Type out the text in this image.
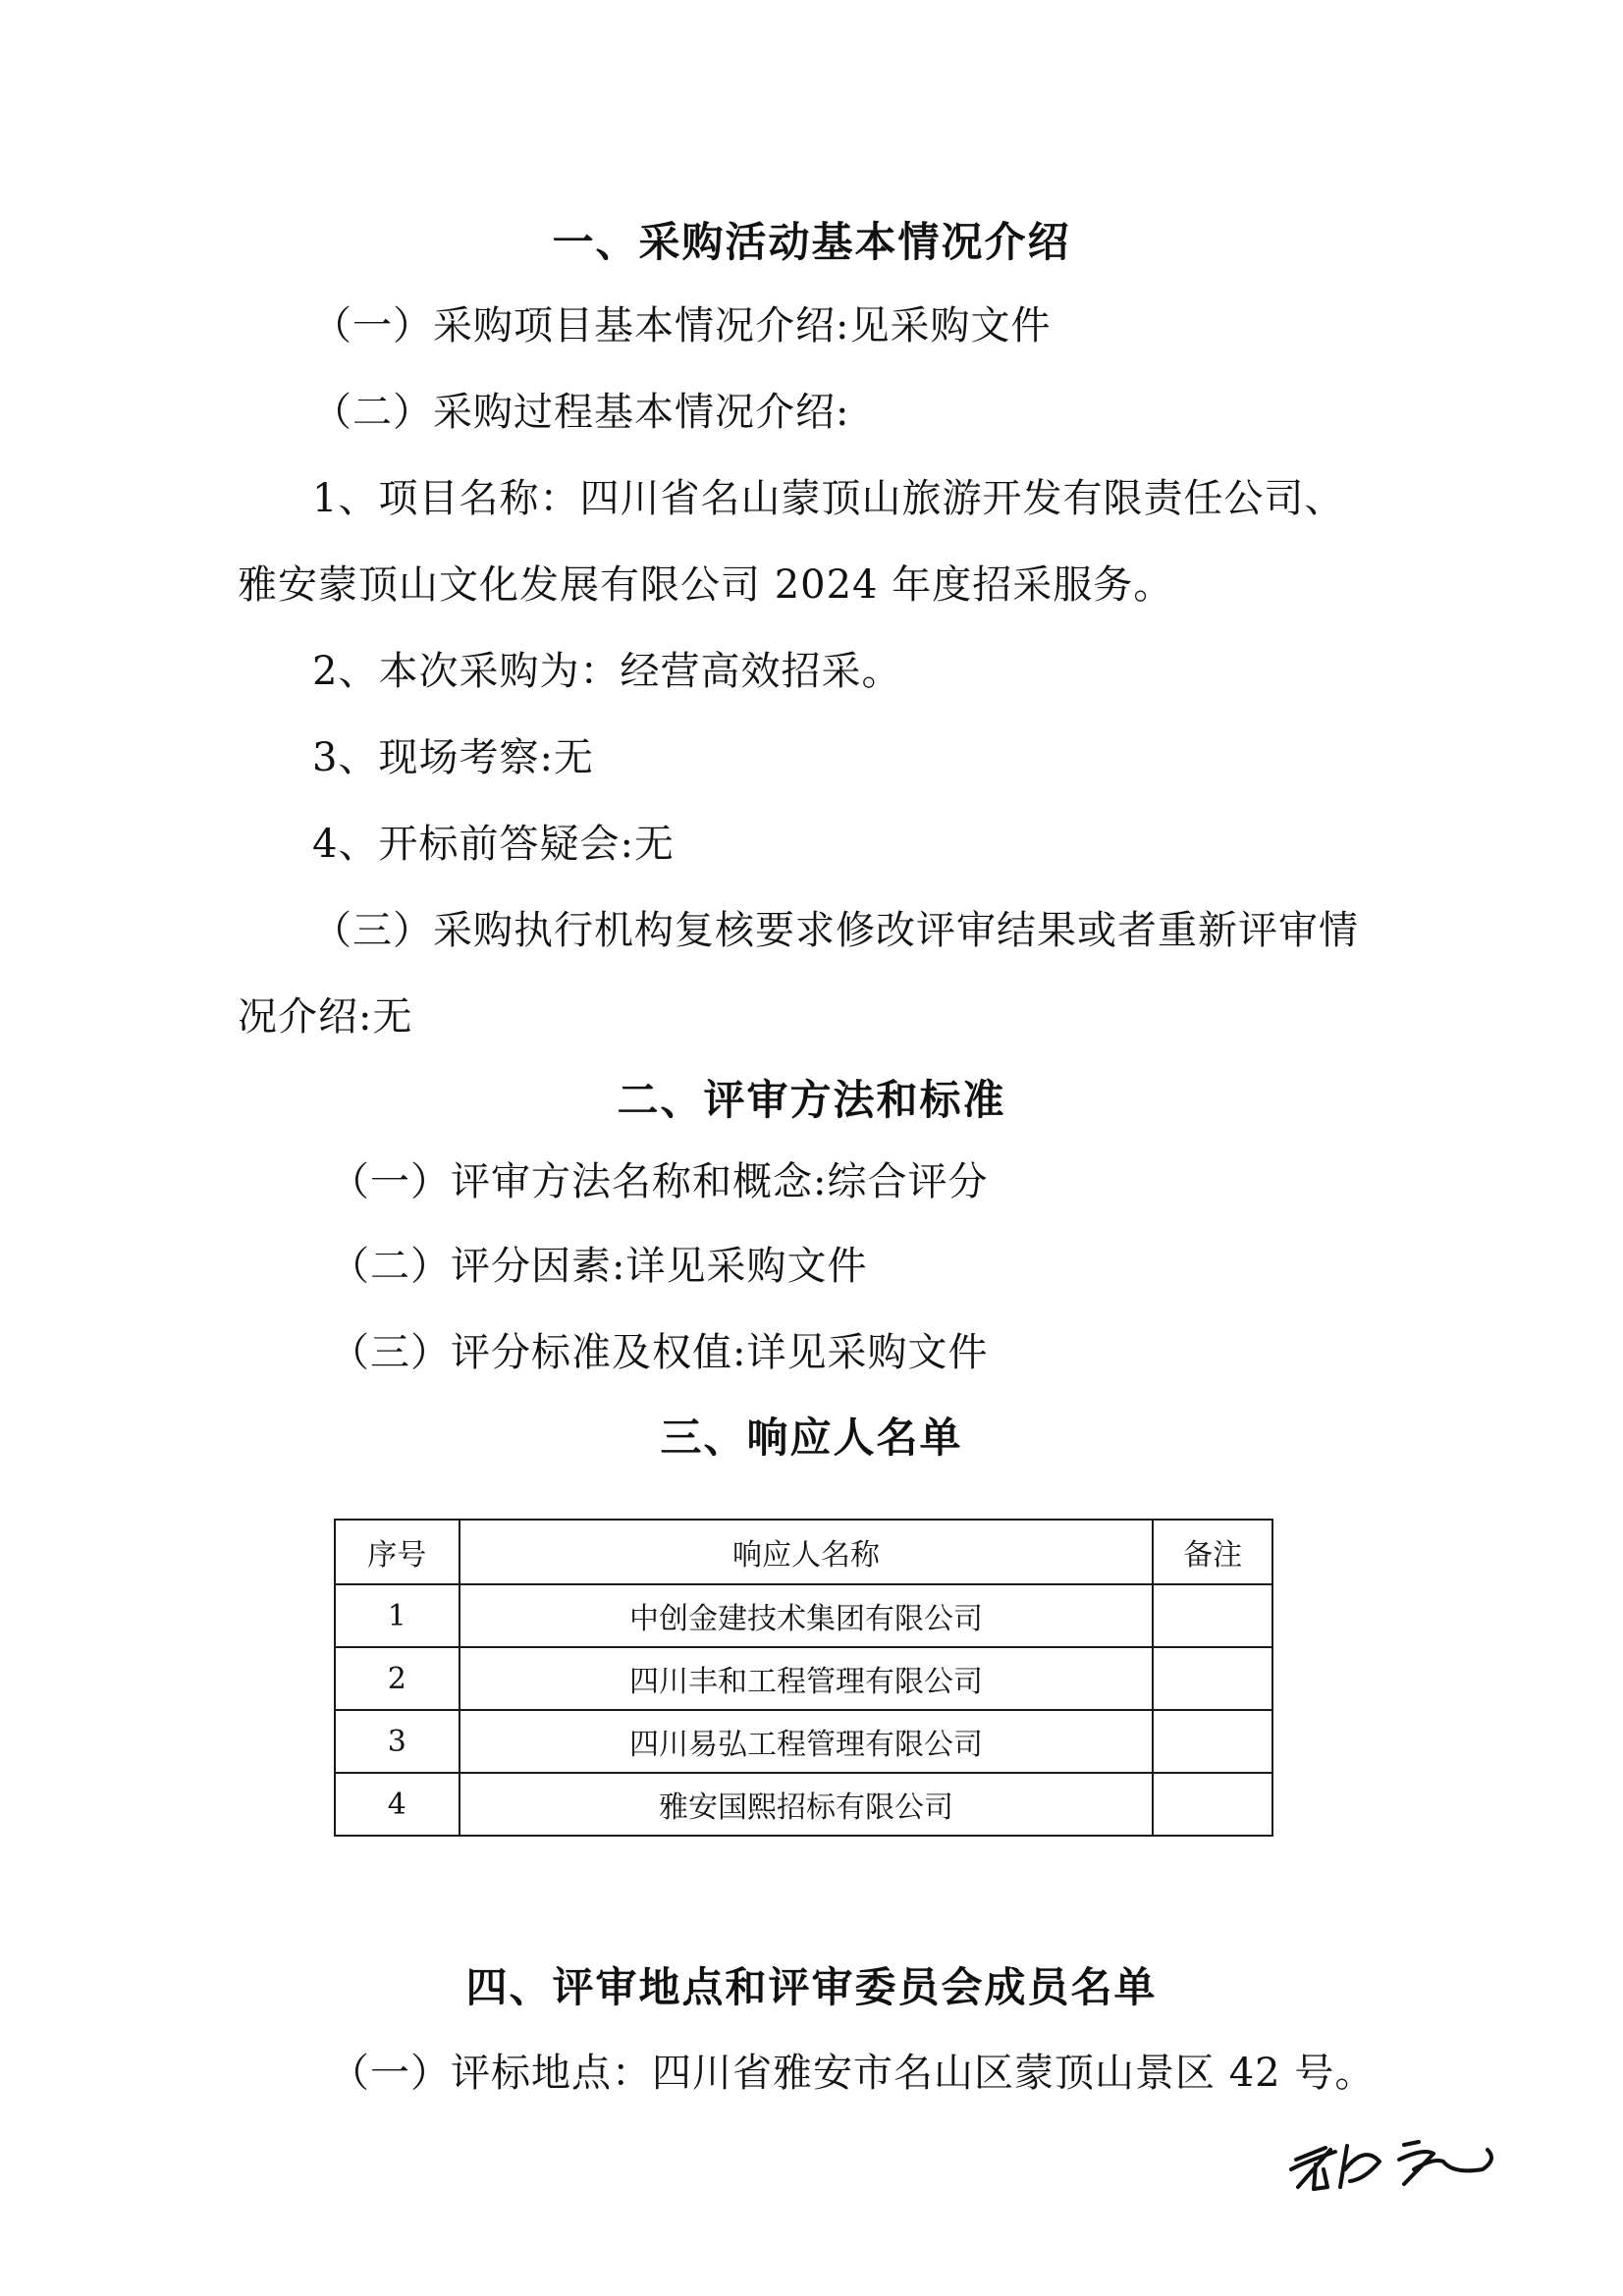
一、采购活动基本情况介绍
（一）采购项目基本情况介绍:见采购文件
（二）采购过程基本情况介绍:
1、项目名称：四川省名山蒙顶山旅游开发有限责任公司、
雅安蒙顶山文化发展有限公司 2024 年度招采服务。
2、本次采购为：经营高效招采。
3、现场考察:无
4、开标前答疑会:无
（三）采购执行机构复核要求修改评审结果或者重新评审情
况介绍:无
二、评审方法和标准
（一）评审方法名称和概念:综合评分
（二）评分因素:详见采购文件
（三）评分标准及权值:详见采购文件
三、响应人名单
序号	响应人名称	备注
1	中创金建技术集团有限公司	
2	四川丰和工程管理有限公司	
3	四川易弘工程管理有限公司	
4	雅安国熙招标有限公司	
四、评审地点和评审委员会成员名单
（一）评标地点：四川省雅安市名山区蒙顶山景区 42 号。
